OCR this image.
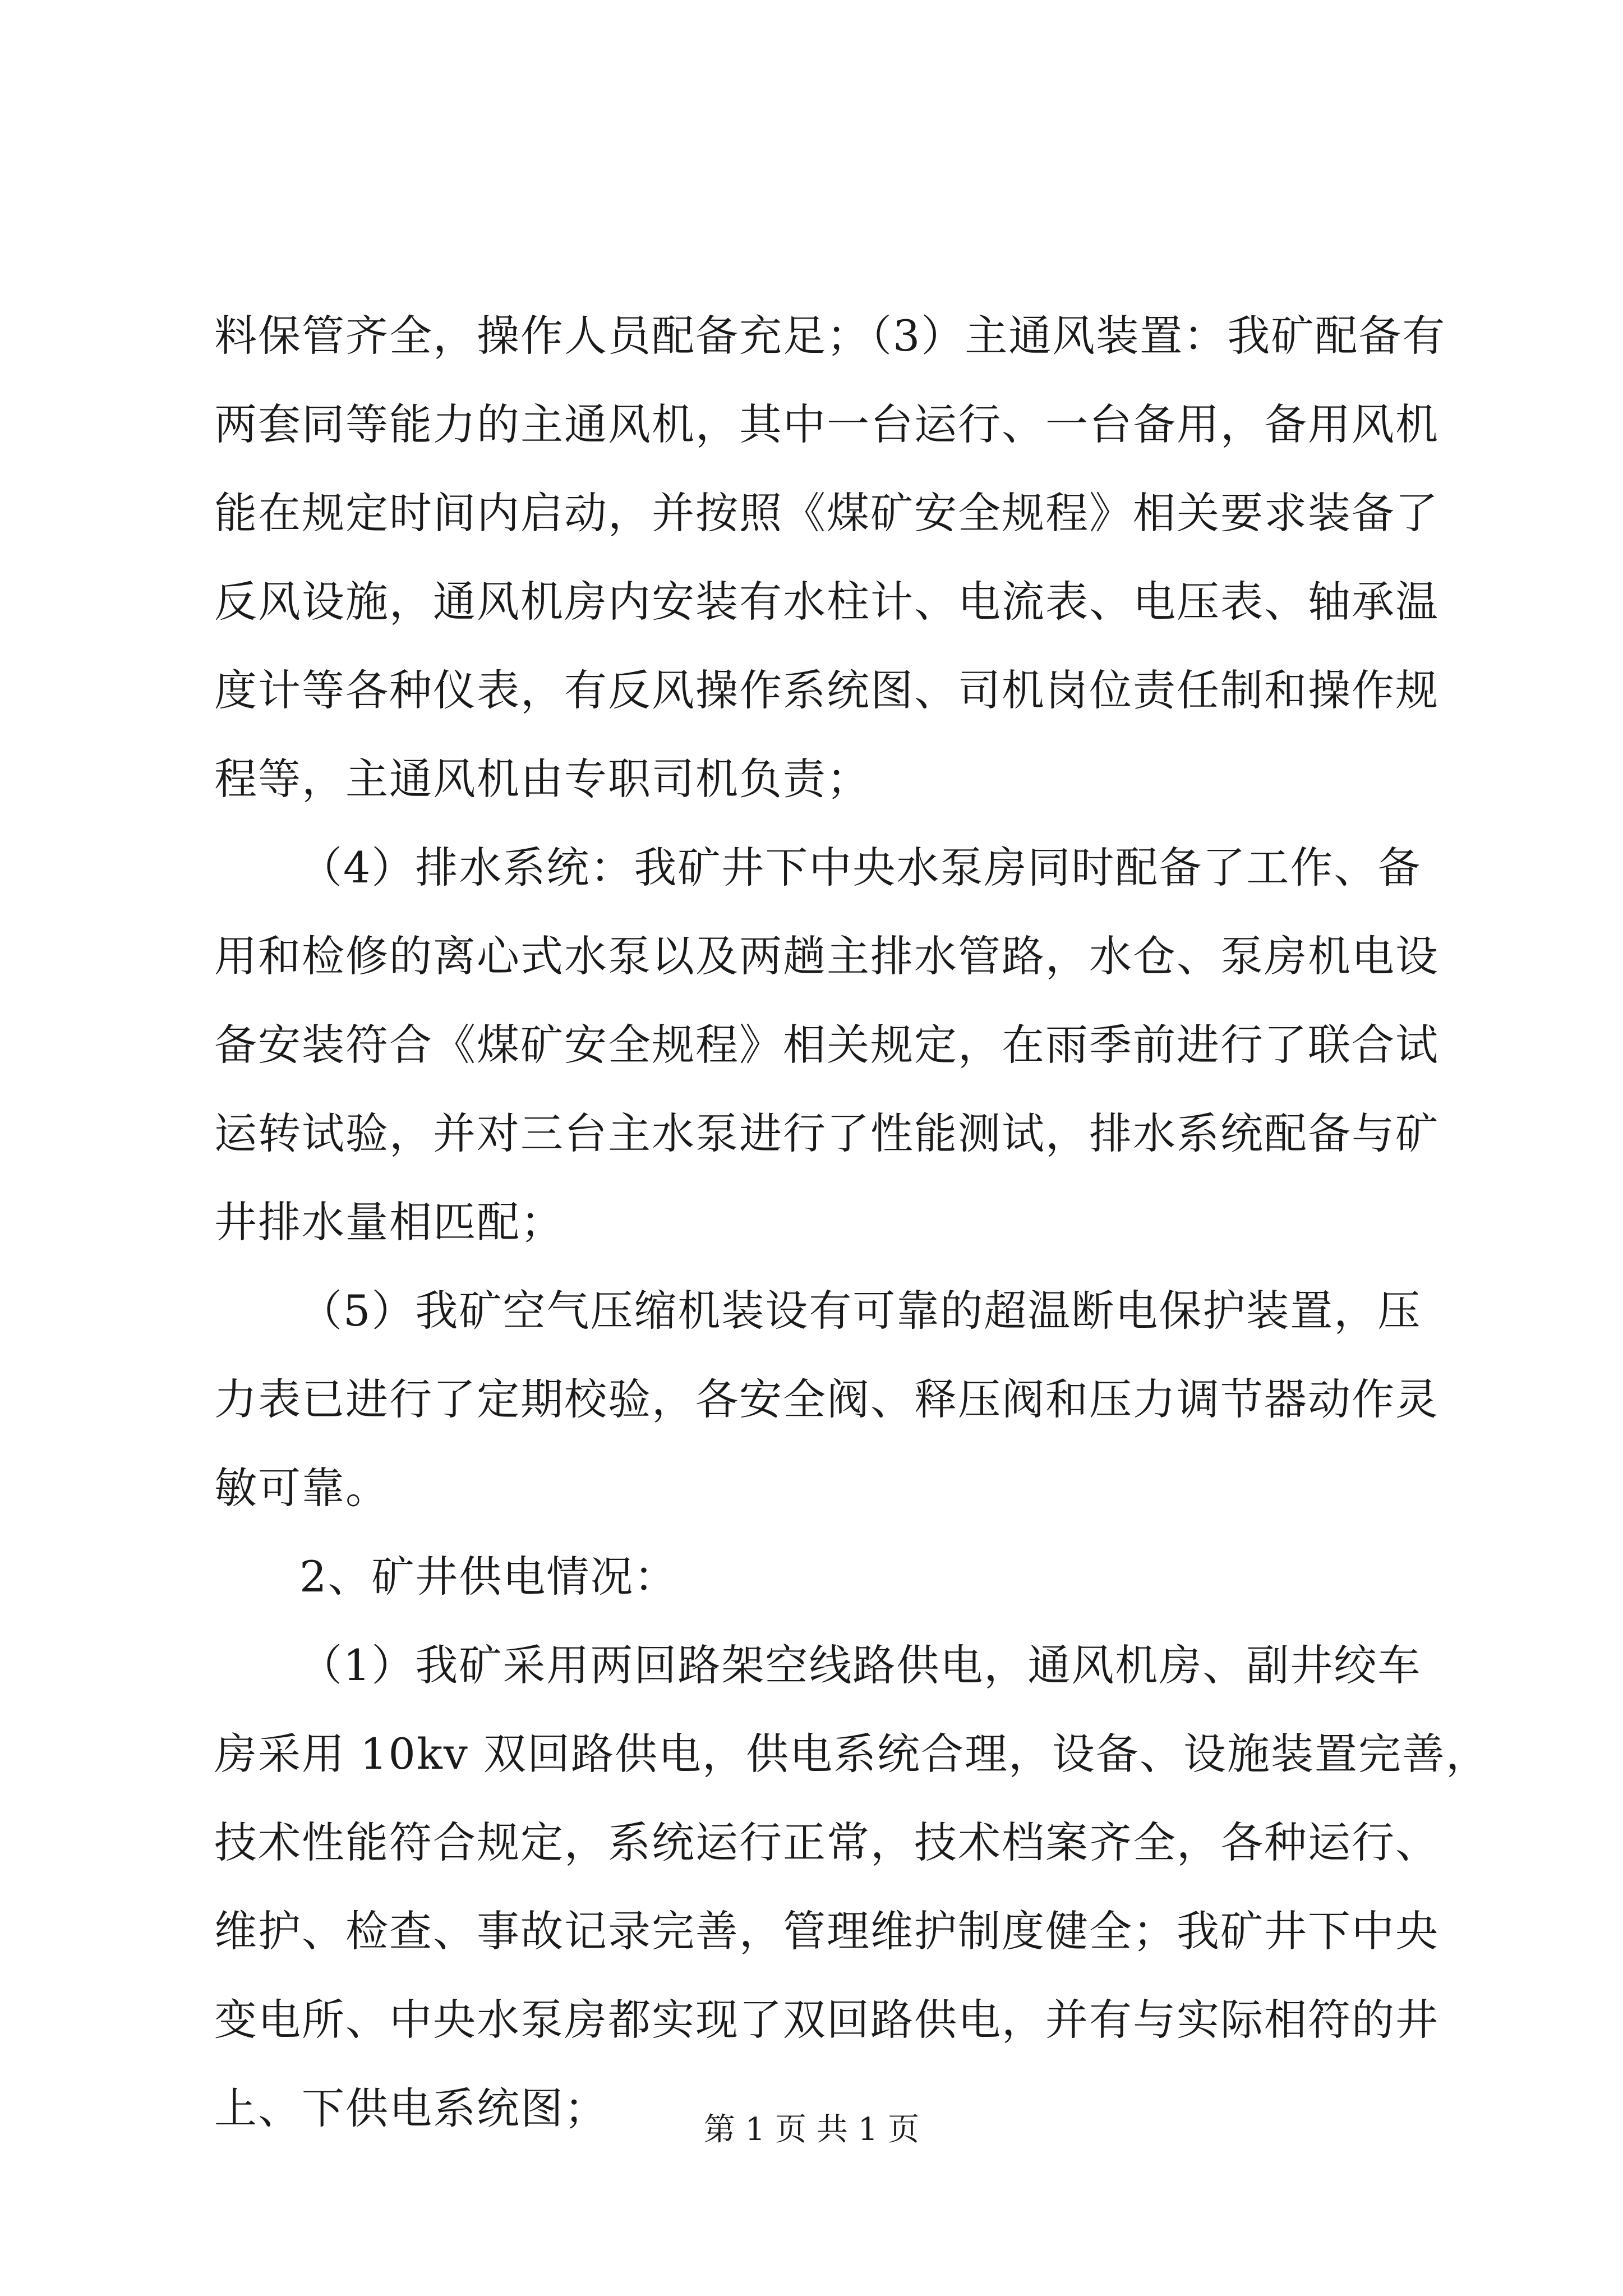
料保管齐全，操作人员配备充足；（3）主通风装置：我矿配备有
两套同等能力的主通风机，其中一台运行、一台备用，备用风机
能在规定时间内启动，并按照《煤矿安全规程》相关要求装备了
反风设施，通风机房内安装有水柱计、电流表、电压表、轴承温
度计等各种仪表，有反风操作系统图、司机岗位责任制和操作规
程等，主通风机由专职司机负责；
（4）排水系统：我矿井下中央水泵房同时配备了工作、备
用和检修的离心式水泵以及两趟主排水管路，水仓、泵房机电设
备安装符合《煤矿安全规程》相关规定，在雨季前进行了联合试
运转试验，并对三台主水泵进行了性能测试，排水系统配备与矿
井排水量相匹配；
（5）我矿空气压缩机装设有可靠的超温断电保护装置，压
力表已进行了定期校验，各安全阀、释压阀和压力调节器动作灵
敏可靠。
2、矿井供电情况：
（1）我矿采用两回路架空线路供电，通风机房、副井绞车
房采用 10kv 双回路供电，供电系统合理，设备、设施装置完善，
技术性能符合规定，系统运行正常，技术档案齐全，各种运行、
维护、检查、事故记录完善，管理维护制度健全；我矿井下中央
变电所、中央水泵房都实现了双回路供电，并有与实际相符的井
上、下供电系统图；	第 1 页 共 1 页
